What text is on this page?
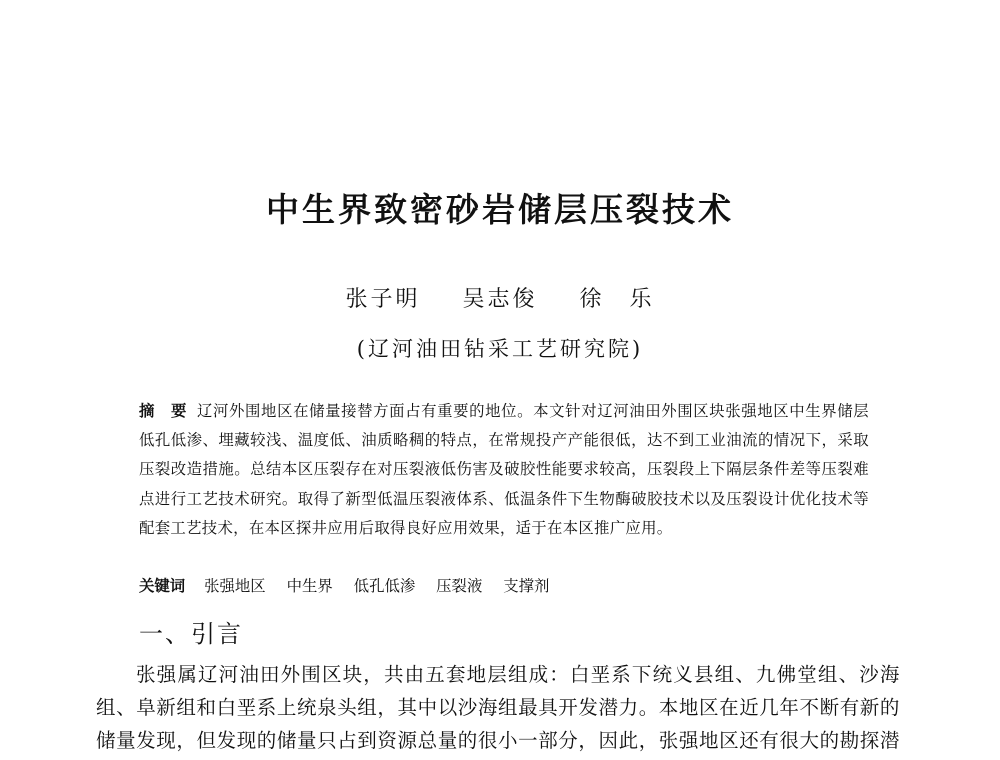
中生界致密砂岩储层压裂技术
张子明 吴志俊 徐　乐
(辽河油田钻采工艺研究院)
摘　要 辽河外围地区在储量接替方面占有重要的地位。本文针对辽河油田外围区块张强地区中生界储层低孔低渗、埋藏较浅、温度低、油质略稠的特点，在常规投产产能很低，达不到工业油流的情况下，采取压裂改造措施。总结本区压裂存在对压裂液低伤害及破胶性能要求较高，压裂段上下隔层条件差等压裂难点进行工艺技术研究。取得了新型低温压裂液体系、低温条件下生物酶破胶技术以及压裂设计优化技术等配套工艺技术，在本区探井应用后取得良好应用效果，适于在本区推广应用。
关键词 张强地区 中生界 低孔低渗 压裂液 支撑剂
一、引言
张强属辽河油田外围区块，共由五套地层组成：白垩系下统义县组、九佛堂组、沙海组、阜新组和白垩系上统泉头组，其中以沙海组最具开发潜力。本地区在近几年不断有新的储量发现，但发现的储量只占到资源总量的很小一部分，因此，张强地区还有很大的勘探潜
